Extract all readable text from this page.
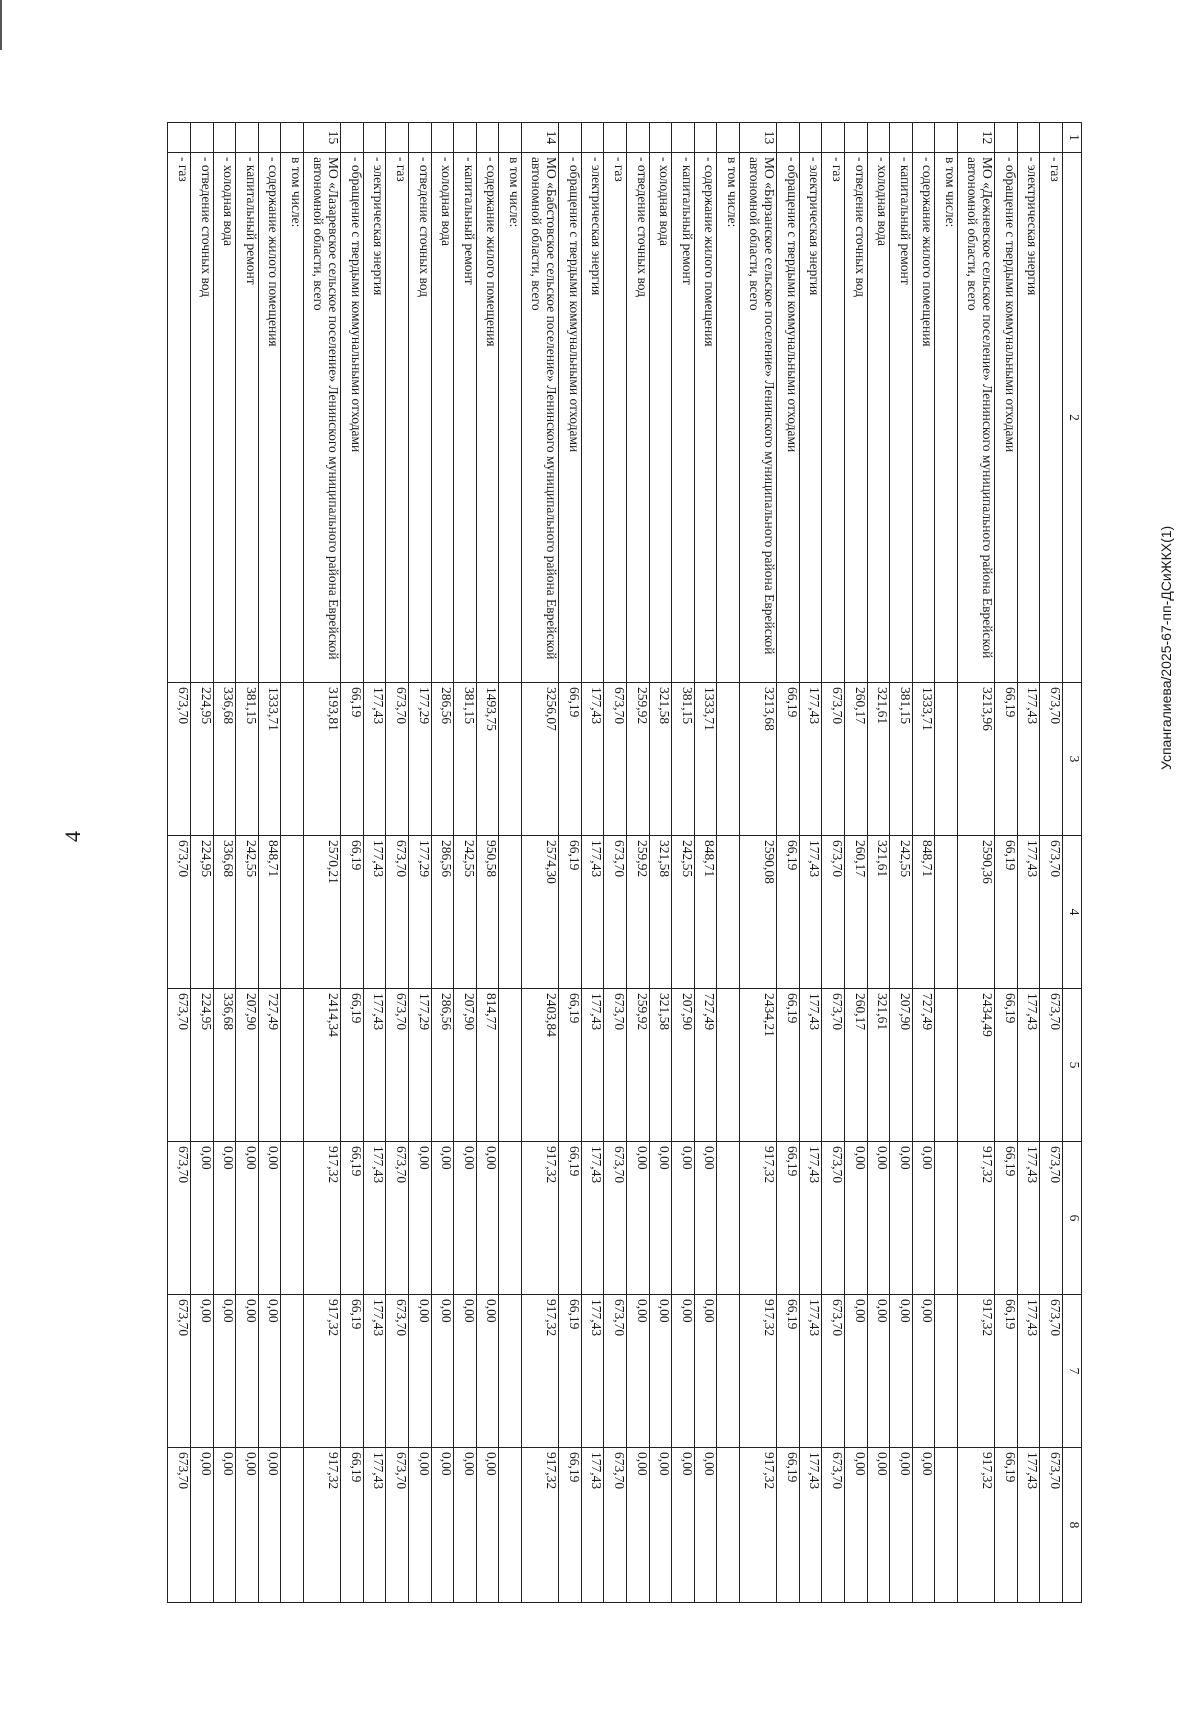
4
Успангалиева/2025-67-пп-ДСиЖКХ(1)
1	2	3	4	5	6	7	8
	- газ	673,70	673,70	673,70	673,70	673,70	673,70
	- электрическая энергия	177,43	177,43	177,43	177,43	177,43	177,43
	- обращение с твердыми коммунальными отходами	66,19	66,19	66,19	66,19	66,19	66,19
12	МО «Дежневское сельское поселение» Ленинского муниципального района Еврейской автономной области, всего	3213,96	2590,36	2434,49	917,32	917,32	917,32
	в том числе:						
	- содержание жилого помещения	1333,71	848,71	727,49	0,00	0,00	0,00
	- капитальный ремонт	381,15	242,55	207,90	0,00	0,00	0,00
	- холодная вода	321,61	321,61	321,61	0,00	0,00	0,00
	- отведение сточных вод	260,17	260,17	260,17	0,00	0,00	0,00
	- газ	673,70	673,70	673,70	673,70	673,70	673,70
	- электрическая энергия	177,43	177,43	177,43	177,43	177,43	177,43
	- обращение с твердыми коммунальными отходами	66,19	66,19	66,19	66,19	66,19	66,19
13	МО «Бирзанское сельское поселение» Ленинского муниципального района Еврейской автономной области, всего	3213,68	2590,08	2434,21	917,32	917,32	917,32
	в том числе:						
	- содержание жилого помещения	1333,71	848,71	727,49	0,00	0,00	0,00
	- капитальный ремонт	381,15	242,55	207,90	0,00	0,00	0,00
	- холодная вода	321,58	321,58	321,58	0,00	0,00	0,00
	- отведение сточных вод	259,92	259,92	259,92	0,00	0,00	0,00
	- газ	673,70	673,70	673,70	673,70	673,70	673,70
	- электрическая энергия	177,43	177,43	177,43	177,43	177,43	177,43
	- обращение с твердыми коммунальными отходами	66,19	66,19	66,19	66,19	66,19	66,19
14	МО «Бабстовское сельское поселение» Ленинского муниципального района Еврейской автономной области, всего	3256,07	2574,30	2403,84	917,32	917,32	917,32
	в том числе:						
	- содержание жилого помещения	1493,75	950,58	814,77	0,00	0,00	0,00
	- капитальный ремонт	381,15	242,55	207,90	0,00	0,00	0,00
	- холодная вода	286,56	286,56	286,56	0,00	0,00	0,00
	- отведение сточных вод	177,29	177,29	177,29	0,00	0,00	0,00
	- газ	673,70	673,70	673,70	673,70	673,70	673,70
	- электрическая энергия	177,43	177,43	177,43	177,43	177,43	177,43
	- обращение с твердыми коммунальными отходами	66,19	66,19	66,19	66,19	66,19	66,19
15	МО «Лазаревское сельское поселение» Ленинского муниципального района Еврейской автономной области, всего	3193,81	2570,21	2414,34	917,32	917,32	917,32
	в том числе:						
	- содержание жилого помещения	1333,71	848,71	727,49	0,00	0,00	0,00
	- капитальный ремонт	381,15	242,55	207,90	0,00	0,00	0,00
	- холодная вода	336,68	336,68	336,68	0,00	0,00	0,00
	- отведение сточных вод	224,95	224,95	224,95	0,00	0,00	0,00
	- газ	673,70	673,70	673,70	673,70	673,70	673,70
